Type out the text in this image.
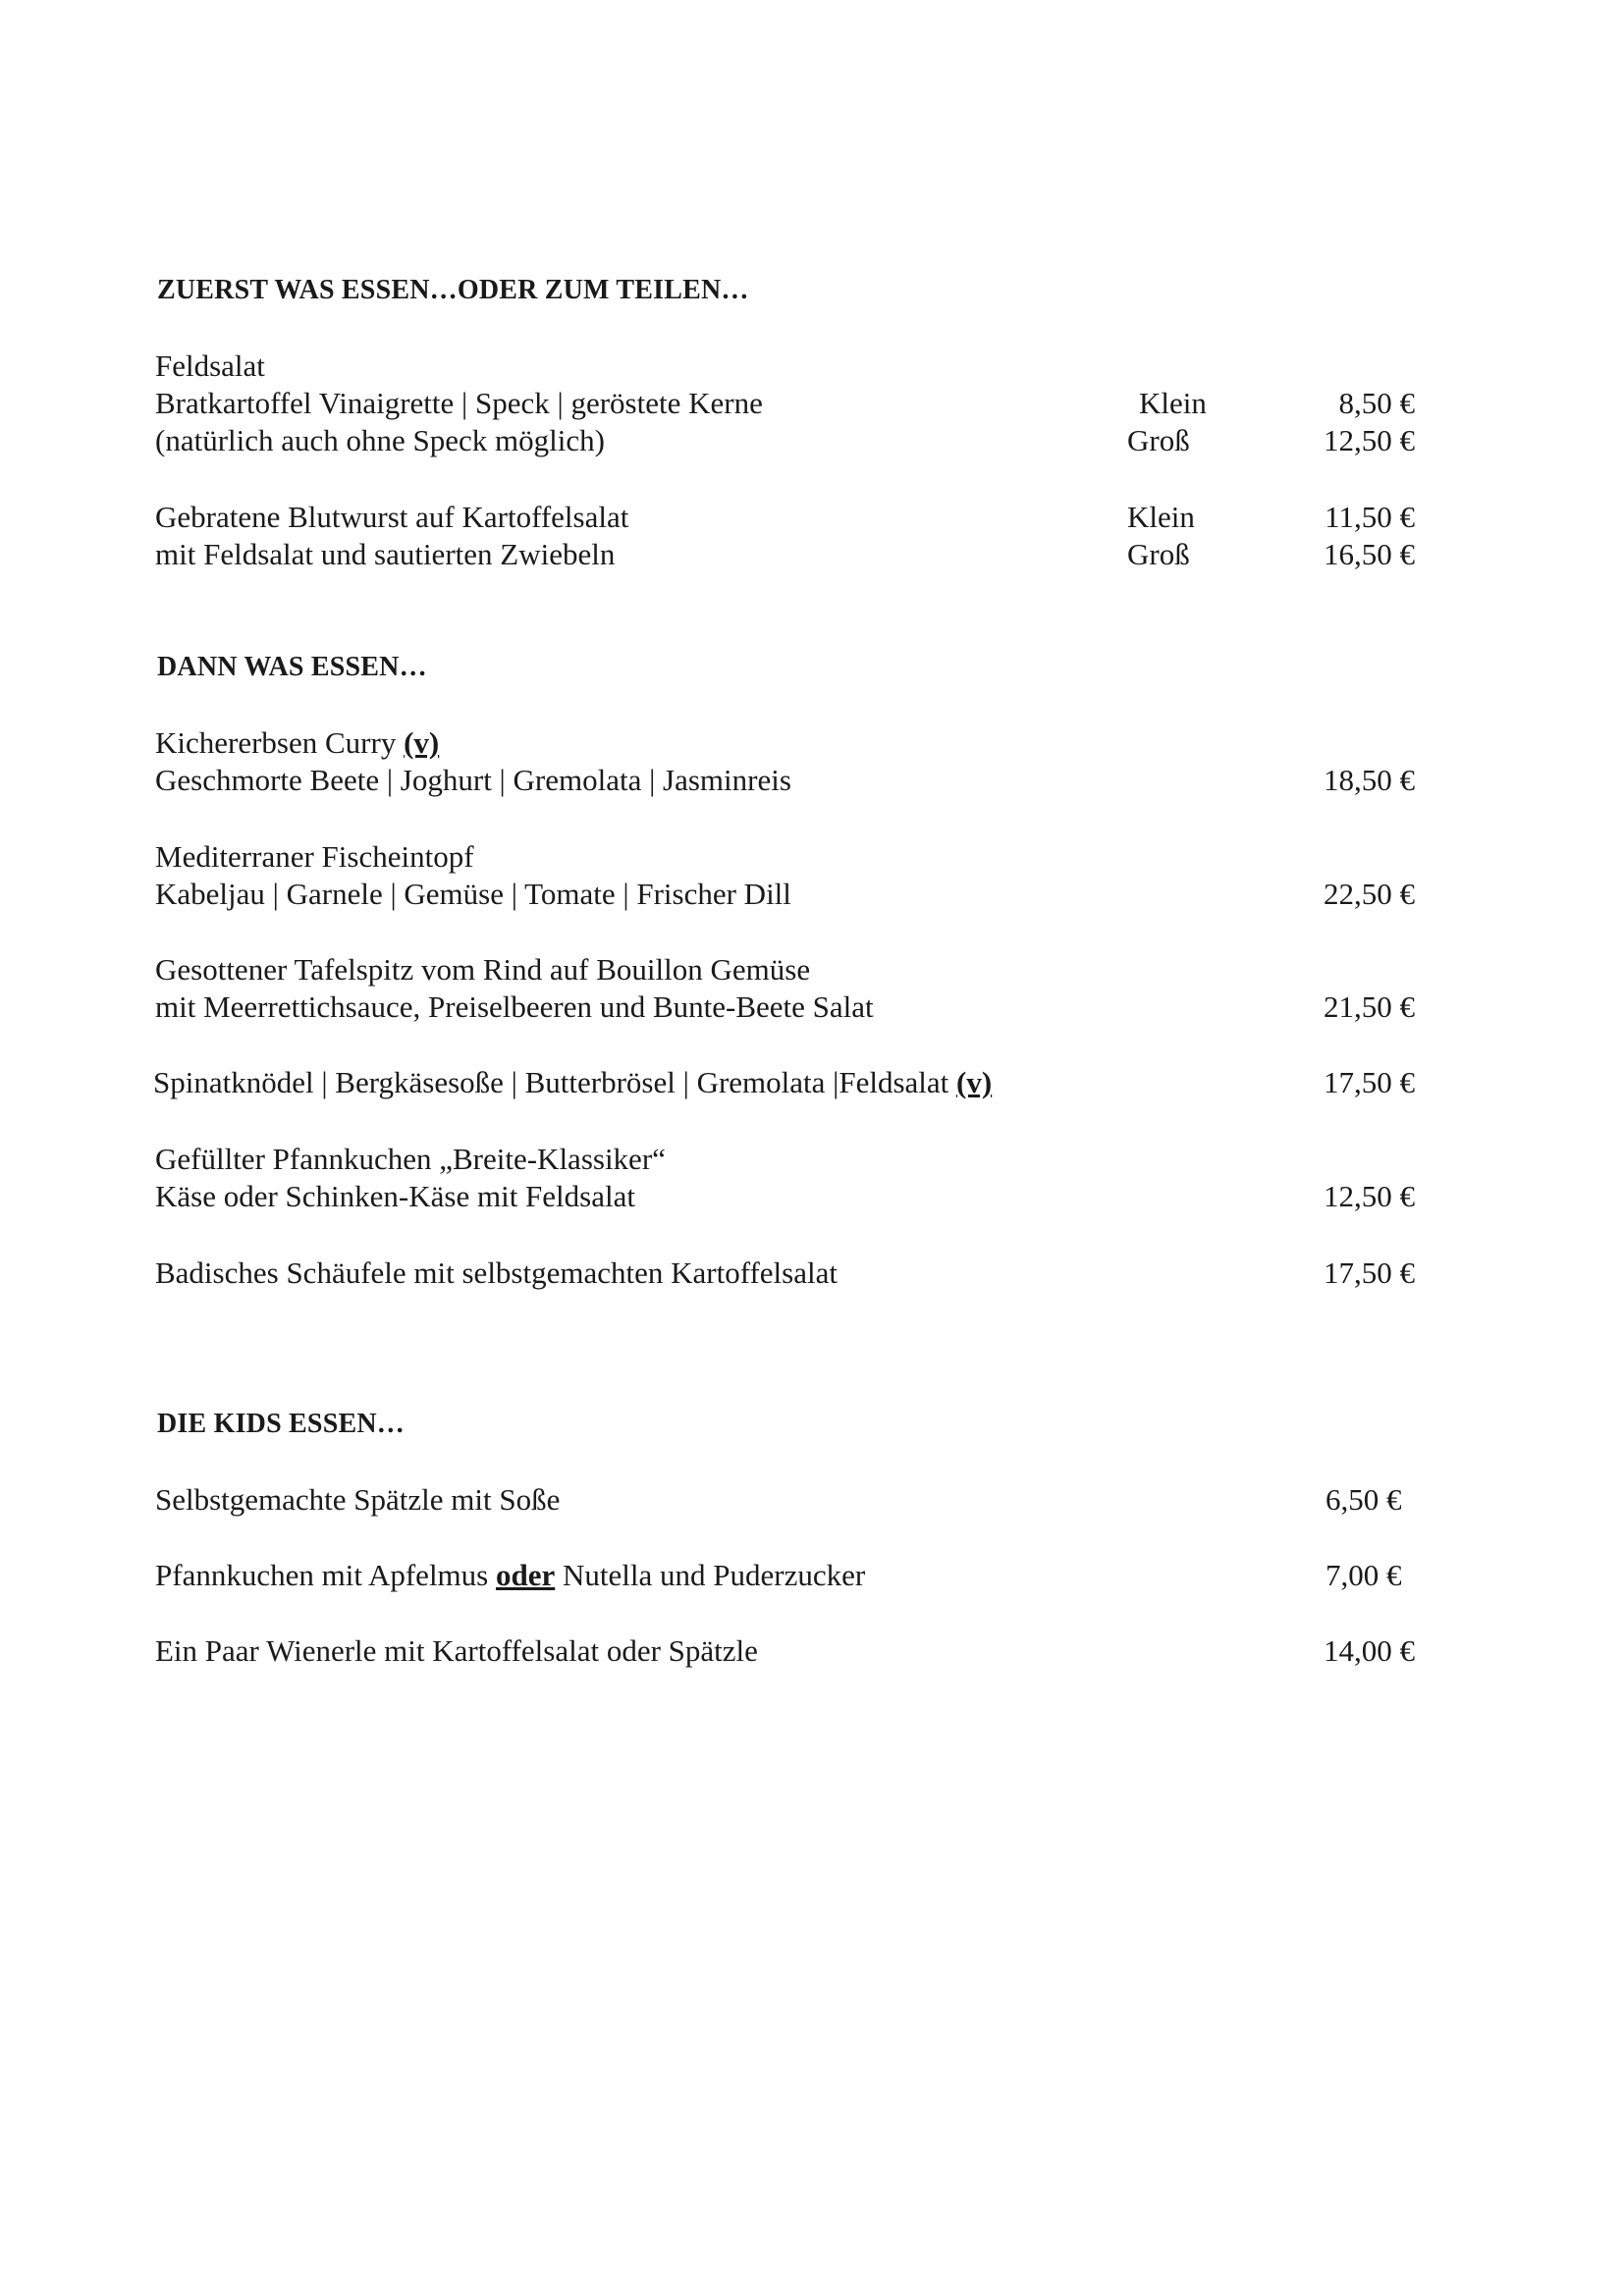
ZUERST WAS ESSEN…ODER ZUM TEILEN…
Feldsalat
Bratkartoffel Vinaigrette | Speck | geröstete Kerne	Klein	8,50 €
(natürlich auch ohne Speck möglich)	Groß	12,50 €
Gebratene Blutwurst auf Kartoffelsalat	Klein	11,50 €
mit Feldsalat und sautierten Zwiebeln	Groß	16,50 €
DANN WAS ESSEN…
Kichererbsen Curry (v)
Geschmorte Beete | Joghurt | Gremolata | Jasminreis	18,50 €
Mediterraner Fischeintopf
Kabeljau | Garnele | Gemüse | Tomate | Frischer Dill	22,50 €
Gesottener Tafelspitz vom Rind auf Bouillon Gemüse
mit Meerrettichsauce, Preiselbeeren und Bunte-Beete Salat	21,50 €
Spinatknödel | Bergkäsesoße | Butterbrösel | Gremolata |Feldsalat (v)	17,50 €
Gefüllter Pfannkuchen „Breite-Klassiker“
Käse oder Schinken-Käse mit Feldsalat	12,50 €
Badisches Schäufele mit selbstgemachten Kartoffelsalat	17,50 €
DIE KIDS ESSEN…
Selbstgemachte Spätzle mit Soße	6,50 €
Pfannkuchen mit Apfelmus oder Nutella und Puderzucker	7,00 €
Ein Paar Wienerle mit Kartoffelsalat oder Spätzle	14,00 €
